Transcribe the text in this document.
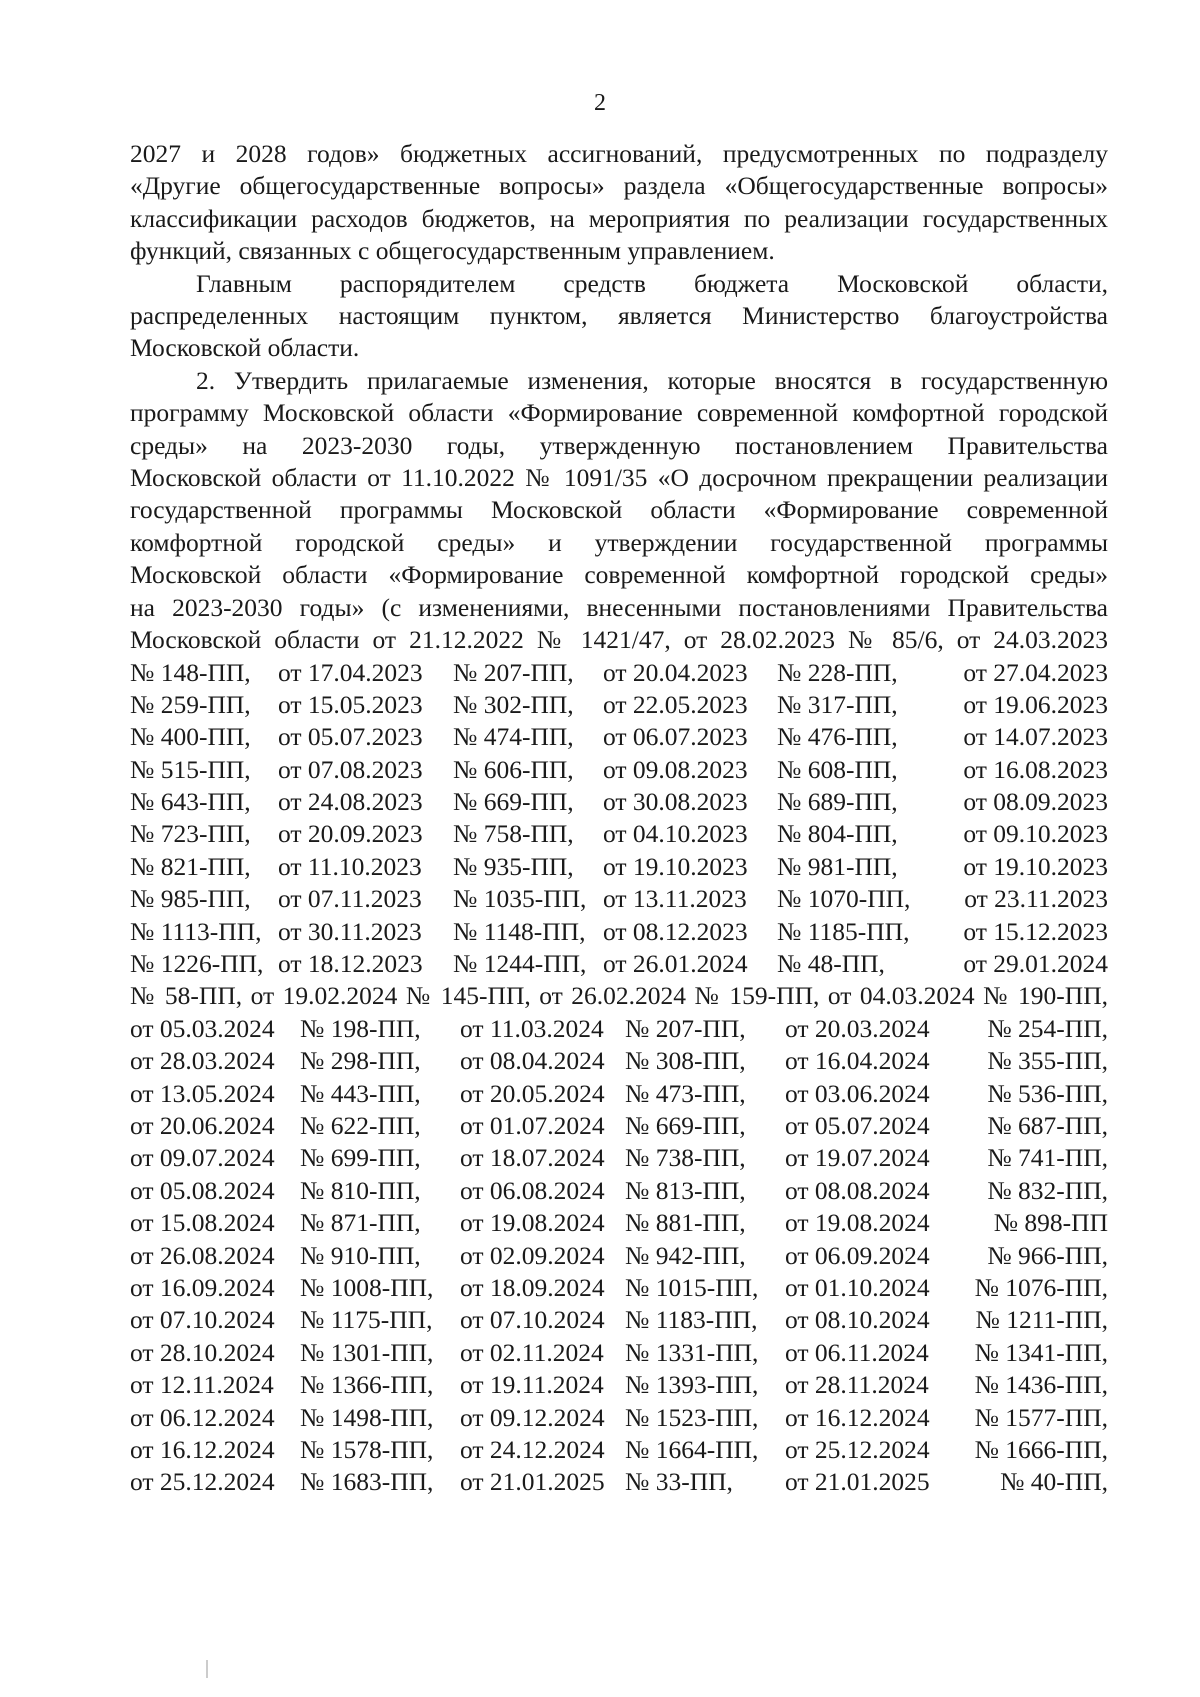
2
2027 и 2028 годов» бюджетных ассигнований, предусмотренных по подразделу
«Другие общегосударственные вопросы» раздела «Общегосударственные вопросы»
классификации расходов бюджетов, на мероприятия по реализации государственных
функций, связанных с общегосударственным управлением.
Главным распорядителем средств бюджета Московской области,
распределенных настоящим пунктом, является Министерство благоустройства
Московской области.
2. Утвердить прилагаемые изменения, которые вносятся в государственную
программу Московской области «Формирование современной комфортной городской
среды» на 2023-2030 годы, утвержденную постановлением Правительства
Московской области от 11.10.2022 № 1091/35 «О досрочном прекращении реализации
государственной программы Московской области «Формирование современной
комфортной городской среды» и утверждении государственной программы
Московской области «Формирование современной комфортной городской среды»
на 2023-2030 годы» (с изменениями, внесенными постановлениями Правительства
Московской области от 21.12.2022 № 1421/47, от 28.02.2023 № 85/6, от 24.03.2023
№ 148-ПП,	от 17.04.2023	№ 207-ПП,	от 20.04.2023	№ 228-ПП,	от 27.04.2023
№ 259-ПП,	от 15.05.2023	№ 302-ПП,	от 22.05.2023	№ 317-ПП,	от 19.06.2023
№ 400-ПП,	от 05.07.2023	№ 474-ПП,	от 06.07.2023	№ 476-ПП,	от 14.07.2023
№ 515-ПП,	от 07.08.2023	№ 606-ПП,	от 09.08.2023	№ 608-ПП,	от 16.08.2023
№ 643-ПП,	от 24.08.2023	№ 669-ПП,	от 30.08.2023	№ 689-ПП,	от 08.09.2023
№ 723-ПП,	от 20.09.2023	№ 758-ПП,	от 04.10.2023	№ 804-ПП,	от 09.10.2023
№ 821-ПП,	от 11.10.2023	№ 935-ПП,	от 19.10.2023	№ 981-ПП,	от 19.10.2023
№ 985-ПП,	от 07.11.2023	№ 1035-ПП, от 13.11.2023	№ 1070-ПП,	от 23.11.2023
№ 1113-ПП, от 30.11.2023	№ 1148-ПП, от 08.12.2023	№ 1185-ПП,	от 15.12.2023
№ 1226-ПП, от 18.12.2023	№ 1244-ПП, от 26.01.2024	№ 48-ПП,	от 29.01.2024
№ 58-ПП, от 19.02.2024 № 145-ПП, от 26.02.2024 № 159-ПП, от 04.03.2024 № 190-ПП,
от 05.03.2024 № 198-ПП,	от 11.03.2024 № 207-ПП,	от 20.03.2024	№ 254-ПП,
от 28.03.2024 № 298-ПП,	от 08.04.2024 № 308-ПП,	от 16.04.2024	№ 355-ПП,
от 13.05.2024 № 443-ПП,	от 20.05.2024 № 473-ПП,	от 03.06.2024	№ 536-ПП,
от 20.06.2024 № 622-ПП,	от 01.07.2024 № 669-ПП,	от 05.07.2024	№ 687-ПП,
от 09.07.2024 № 699-ПП,	от 18.07.2024 № 738-ПП,	от 19.07.2024	№ 741-ПП,
от 05.08.2024 № 810-ПП,	от 06.08.2024 № 813-ПП,	от 08.08.2024	№ 832-ПП,
от 15.08.2024 № 871-ПП,	от 19.08.2024 № 881-ПП,	от 19.08.2024	№ 898-ПП
от 26.08.2024 № 910-ПП,	от 02.09.2024 № 942-ПП,	от 06.09.2024	№ 966-ПП,
от 16.09.2024 № 1008-ПП,	от 18.09.2024 № 1015-ПП,	от 01.10.2024	№ 1076-ПП,
от 07.10.2024 № 1175-ПП,	от 07.10.2024 № 1183-ПП,	от 08.10.2024	№ 1211-ПП,
от 28.10.2024 № 1301-ПП,	от 02.11.2024 № 1331-ПП,	от 06.11.2024	№ 1341-ПП,
от 12.11.2024	№ 1366-ПП,	от 19.11.2024 № 1393-ПП,	от 28.11.2024	№ 1436-ПП,
от 06.12.2024 № 1498-ПП,	от 09.12.2024 № 1523-ПП,	от 16.12.2024	№ 1577-ПП,
от 16.12.2024 № 1578-ПП,	от 24.12.2024 № 1664-ПП,	от 25.12.2024	№ 1666-ПП,
от 25.12.2024 № 1683-ПП,	от 21.01.2025 № 33-ПП,	от 21.01.2025	№ 40-ПП,
